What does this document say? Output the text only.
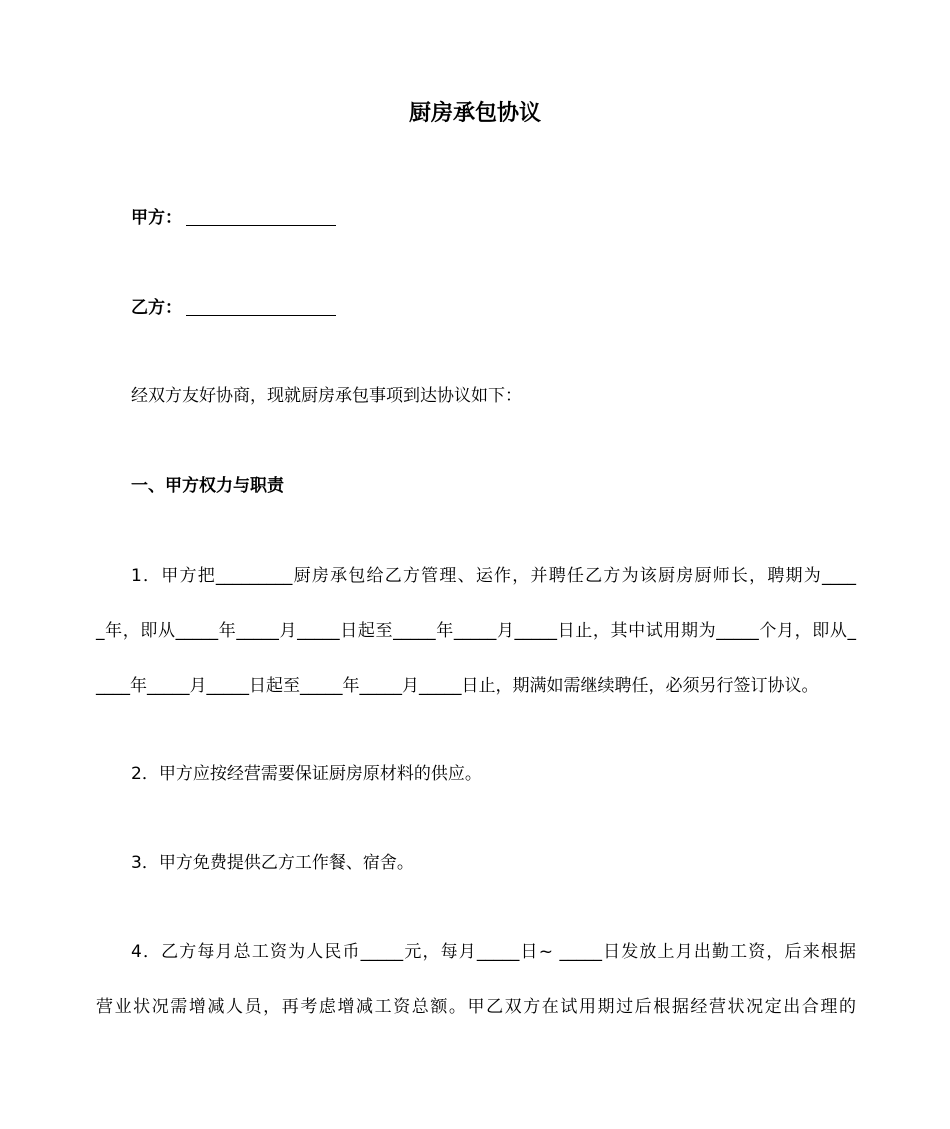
厨房承包协议
甲方：
乙方：
经双方友好协商，现就厨房承包事项到达协议如下：
一、甲方权力与职责
1．甲方把_________厨房承包给乙方管理、运作，并聘任乙方为该厨房厨师长，聘期为____
_年，即从_____年_____月_____日起至_____年_____月_____日止，其中试用期为_____个月，即从_
____年_____月_____日起至_____年_____月_____日止，期满如需继续聘任，必须另行签订协议。
2．甲方应按经营需要保证厨房原材料的供应。
3．甲方免费提供乙方工作餐、宿舍。
4．乙方每月总工资为人民币_____元，每月_____日~ _____日发放上月出勤工资，后来根据
营业状况需增减人员，再考虑增减工资总额。甲乙双方在试用期过后根据经营状况定出合理的
